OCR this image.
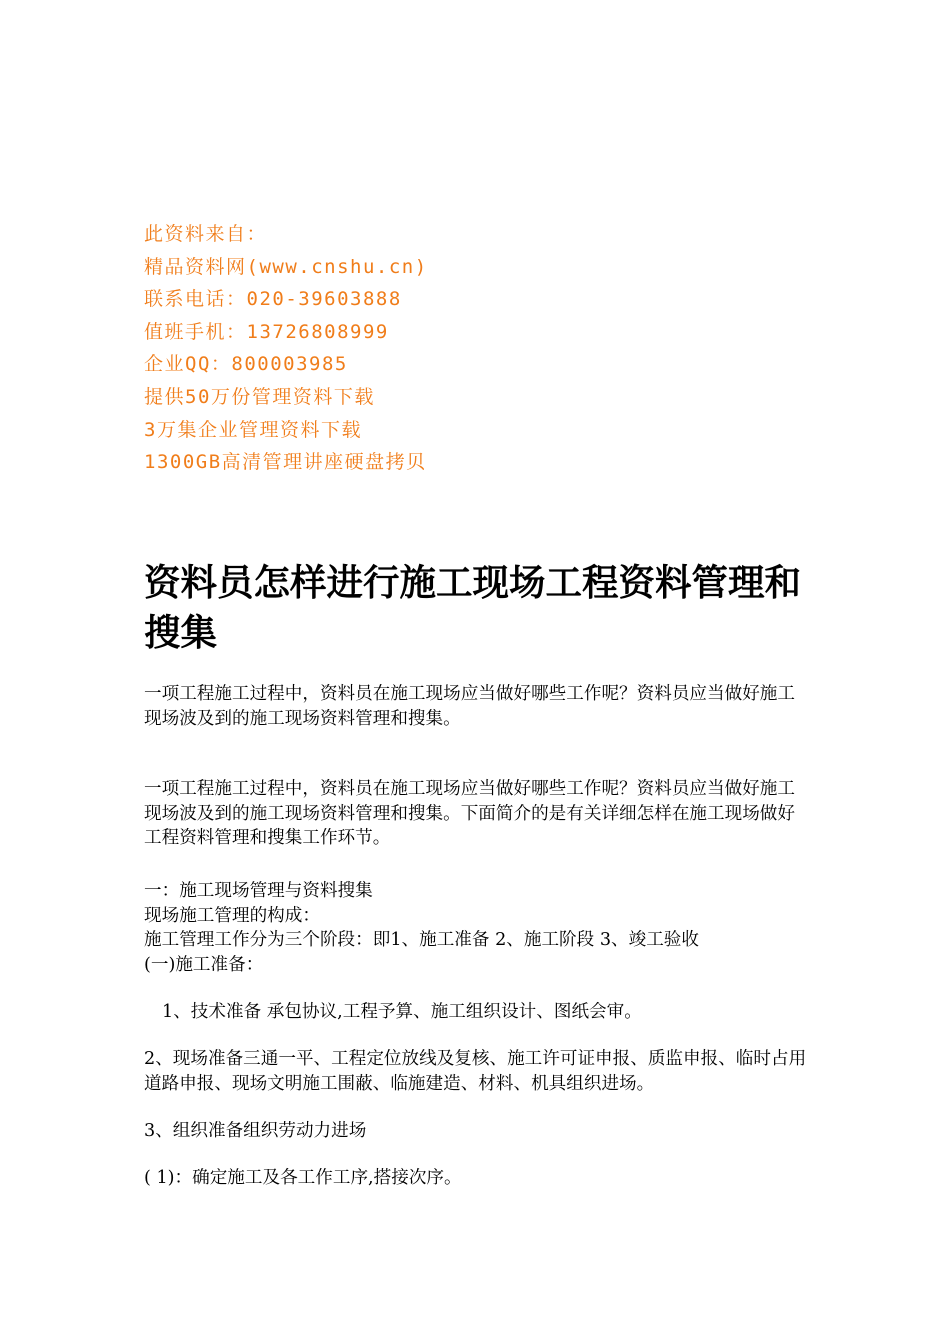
此资料来自：
精品资料网(www.cnshu.cn)
联系电话：020-39603888
值班手机：13726808999
企业QQ：800003985
提供50万份管理资料下载
3万集企业管理资料下载
1300GB高清管理讲座硬盘拷贝
资料员怎样进行施工现场工程资料管理和搜集

一项工程施工过程中，资料员在施工现场应当做好哪些工作呢？资料员应当做好施工现场波及到的施工现场资料管理和搜集。

一项工程施工过程中，资料员在施工现场应当做好哪些工作呢？资料员应当做好施工现场波及到的施工现场资料管理和搜集。下面简介的是有关详细怎样在施工现场做好工程资料管理和搜集工作环节。

一：施工现场管理与资料搜集
现场施工管理的构成：
施工管理工作分为三个阶段：即1、施工准备 2、施工阶段 3、竣工验收
(一)施工准备：

1、技术准备 承包协议,工程予算、施工组织设计、图纸会审。

2、现场准备三通一平、工程定位放线及复核、施工许可证申报、质监申报、临时占用道路申报、现场文明施工围蔽、临施建造、材料、机具组织进场。

3、组织准备组织劳动力进场

( 1)：确定施工及各工作工序,搭接次序。
